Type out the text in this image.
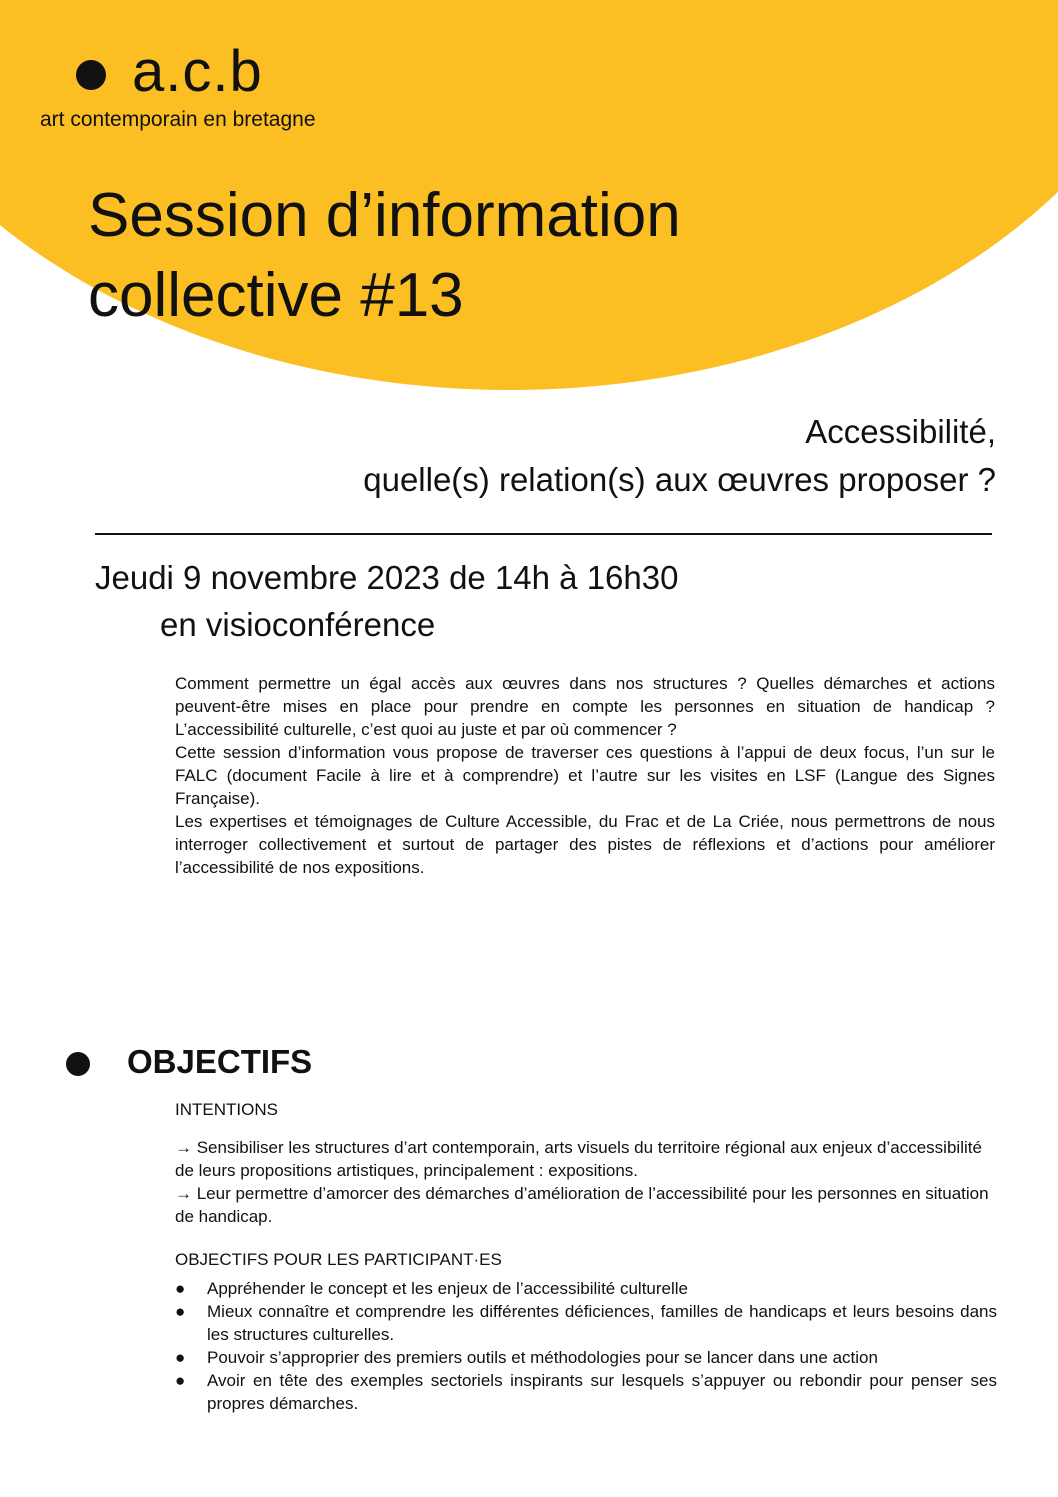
a.c.b
art contemporain en bretagne
Session d’information
collective #13
Accessibilité,
quelle(s) relation(s) aux œuvres proposer ?
Jeudi 9 novembre 2023 de 14h à 16h30
en visioconférence

Comment permettre un égal accès aux œuvres dans nos structures ? Quelles démarches et actions peuvent-être mises en place pour prendre en compte les personnes en situation de handicap ? L’accessibilité culturelle, c’est quoi au juste et par où commencer ?

Cette session d’information vous propose de traverser ces questions à l’appui de deux focus, l’un sur le FALC (document Facile à lire et à comprendre) et l’autre sur les visites en LSF (Langue des Signes Française).

Les expertises et témoignages de Culture Accessible, du Frac et de La Criée, nous permettrons de nous interroger collectivement et surtout de partager des pistes de réflexions et d’actions pour améliorer l’accessibilité de nos expositions.

OBJECTIFS
INTENTIONS

→ Sensibiliser les structures d’art contemporain, arts visuels du territoire régional aux enjeux d’accessibilité de leurs propositions artistiques, principalement : expositions.

→ Leur permettre d’amorcer des démarches d’amélioration de l’accessibilité pour les personnes en situation de handicap.

OBJECTIFS POUR LES PARTICIPANT·ES
● Appréhender le concept et les enjeux de l’accessibilité culturelle
● Mieux connaître et comprendre les différentes déficiences, familles de handicaps et leurs besoins dans les structures culturelles.
● Pouvoir s’approprier des premiers outils et méthodologies pour se lancer dans une action
● Avoir en tête des exemples sectoriels inspirants sur lesquels s’appuyer ou rebondir pour penser ses propres démarches.
